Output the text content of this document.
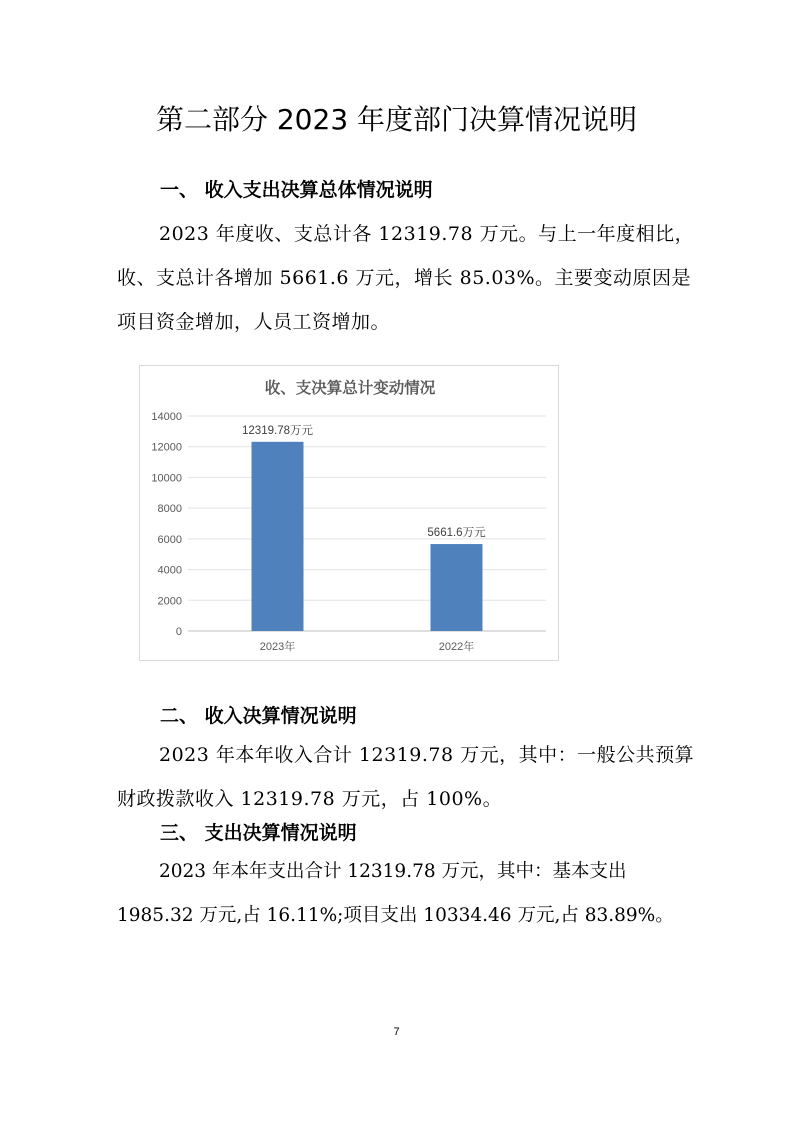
第二部分 2023 年度部门决算情况说明
一、 收入支出决算总体情况说明

2023 年度收、支总计各 12319.78 万元。与上一年度相比，收、支总计各增加 5661.6 万元，增长 85.03%。主要变动原因是项目资金增加，人员工资增加。

收、支决算总计变动情况
0
2000
4000
6000
8000
10000
12000
14000
12319.78万元
2023年
5661.6万元
2022年
二、 收入决算情况说明

2023 年本年收入合计 12319.78 万元，其中：一般公共预算财政拨款收入 12319.78 万元，占 100%。

三、 支出决算情况说明

2023 年本年支出合计 12319.78 万元，其中：基本支出 1985.32 万元,占 16.11%;项目支出 10334.46 万元,占 83.89%。

7
